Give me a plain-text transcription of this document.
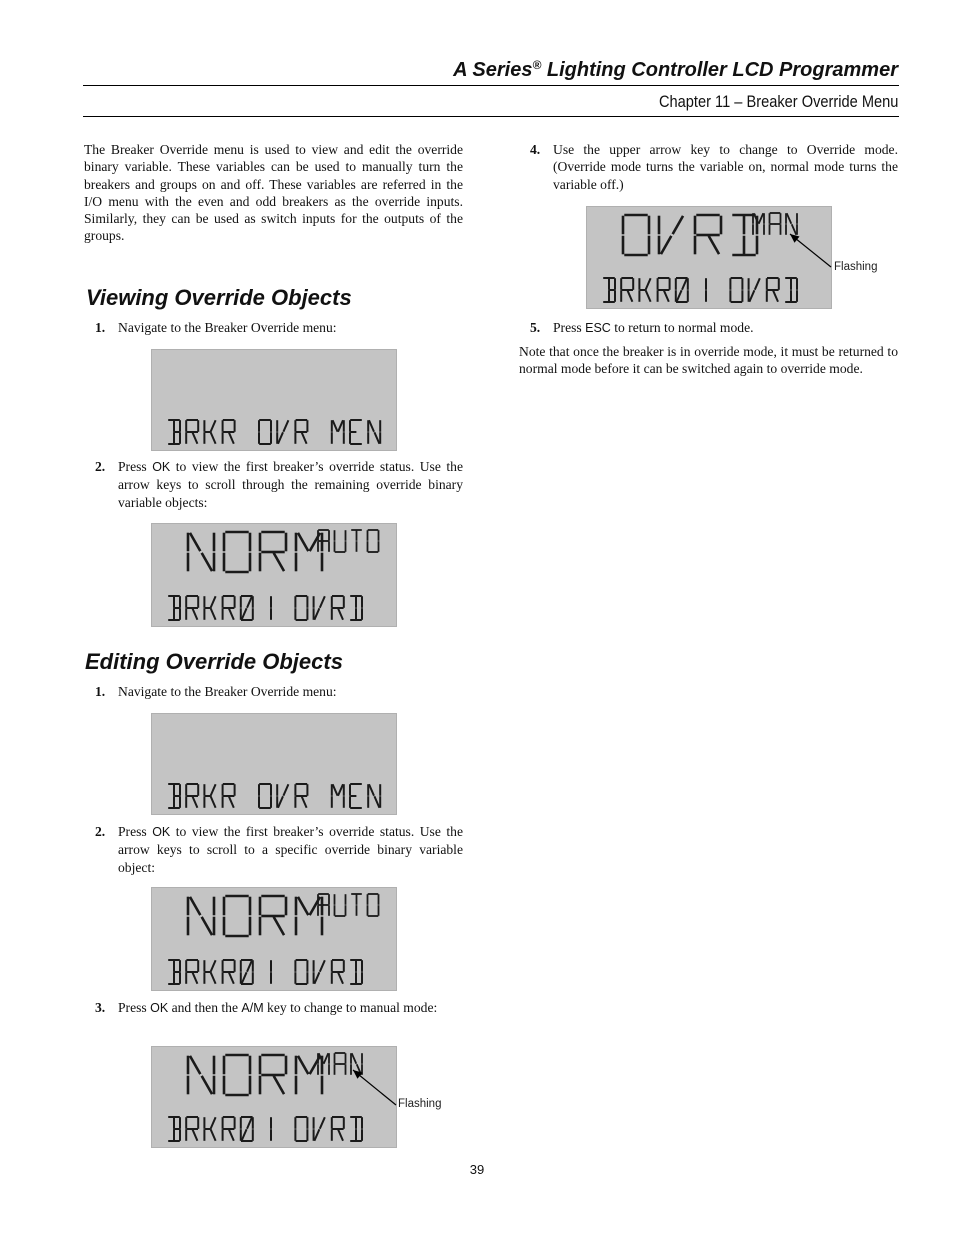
A Series® Lighting Controller LCD Programmer
Chapter 11 – Breaker Override Menu
The Breaker Override menu is used to view and edit the override binary variable. These variables can be used to manually turn the breakers and groups on and off. These variables are referred in the I/O menu with the even and odd breakers as the override inputs. Similarly, they can be used as switch inputs for the outputs of the groups.
Viewing Override Objects
1. Navigate to the Breaker Override menu:
2. Press OK to view the first breaker’s override status. Use the arrow keys to scroll through the remaining override binary variable objects:
Editing Override Objects
1. Navigate to the Breaker Override menu:
2. Press OK to view the first breaker’s override status. Use the arrow keys to scroll to a specific override binary variable object:
3. Press OK and then the A/M key to change to manual mode:
Flashing
4. Use the upper arrow key to change to Override mode. (Override mode turns the variable on, normal mode turns the variable off.)
Flashing
5. Press ESC to return to normal mode.
Note that once the breaker is in override mode, it must be returned to normal mode before it can be switched again to override mode.
39
